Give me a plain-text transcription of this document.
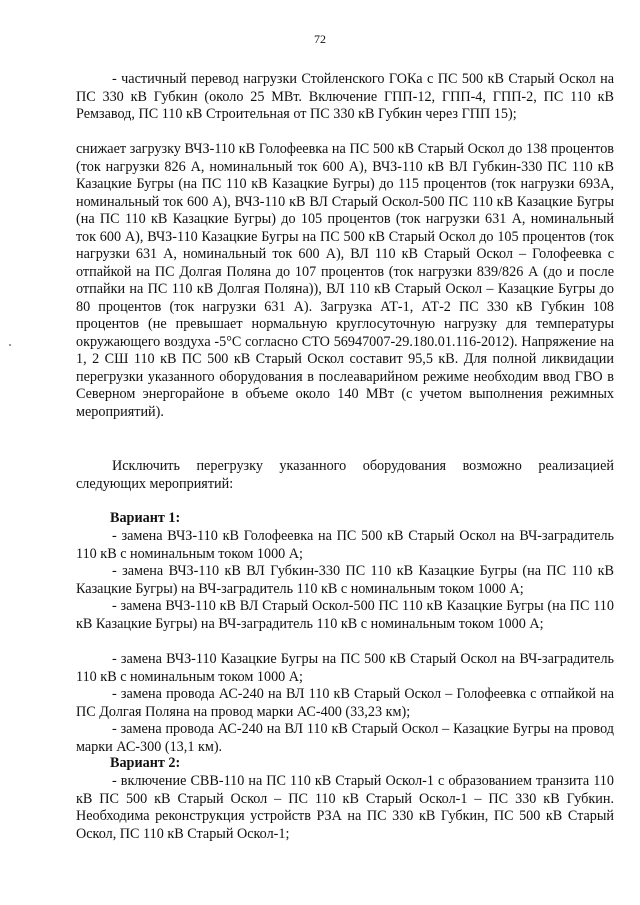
72
- частичный перевод нагрузки Стойленского ГОКа с ПС 500 кВ Старый Оскол на ПС 330 кВ Губкин (около 25 МВт. Включение ГПП-12, ГПП-4, ГПП-2, ПС 110 кВ Ремзавод, ПС 110 кВ Строительная от ПС 330 кВ Губкин через ГПП 15);
снижает загрузку ВЧЗ-110 кВ Голофеевка на ПС 500 кВ Старый Оскол до 138 процентов (ток нагрузки 826 А, номинальный ток 600 А), ВЧЗ-110 кВ ВЛ Губкин-330 ПС 110 кВ Казацкие Бугры (на ПС 110 кВ Казацкие Бугры) до 115 процентов (ток нагрузки 693А, номинальный ток 600 А), ВЧЗ-110 кВ ВЛ Старый Оскол-500 ПС 110 кВ Казацкие Бугры (на ПС 110 кВ Казацкие Бугры) до 105 процентов (ток нагрузки 631 А, номинальный ток 600 А), ВЧЗ-110 Казацкие Бугры на ПС 500 кВ Старый Оскол до 105 процентов (ток нагрузки 631 А, номинальный ток 600 А), ВЛ 110 кВ Старый Оскол – Голофеевка с отпайкой на ПС Долгая Поляна до 107 процентов (ток нагрузки 839/826 А (до и после отпайки на ПС 110 кВ Долгая Поляна)), ВЛ 110 кВ Старый Оскол – Казацкие Бугры до 80 процентов (ток нагрузки 631 А). Загрузка АТ-1, АТ-2 ПС 330 кВ Губкин 108 процентов (не превышает нормальную круглосуточную нагрузку для температуры окружающего воздуха -5°С согласно СТО 56947007-29.180.01.116-2012). Напряжение на 1, 2 СШ 110 кВ ПС 500 кВ Старый Оскол составит 95,5 кВ. Для полной ликвидации перегрузки указанного оборудования в послеаварийном режиме необходим ввод ГВО в Северном энергорайоне в объеме около 140 МВт (с учетом выполнения режимных мероприятий).
Исключить перегрузку указанного оборудования возможно реализацией следующих мероприятий:
Вариант 1:
- замена ВЧЗ-110 кВ Голофеевка на ПС 500 кВ Старый Оскол на ВЧ-заградитель 110 кВ с номинальным током 1000 А;
- замена ВЧЗ-110 кВ ВЛ Губкин-330 ПС 110 кВ Казацкие Бугры (на ПС 110 кВ Казацкие Бугры) на ВЧ-заградитель 110 кВ с номинальным током 1000 А;
- замена ВЧЗ-110 кВ ВЛ Старый Оскол-500 ПС 110 кВ Казацкие Бугры (на ПС 110 кВ Казацкие Бугры) на ВЧ-заградитель 110 кВ с номинальным током 1000 А;
- замена ВЧЗ-110 Казацкие Бугры на ПС 500 кВ Старый Оскол на ВЧ-заградитель 110 кВ с номинальным током 1000 А;
- замена провода АС-240 на ВЛ 110 кВ Старый Оскол – Голофеевка с отпайкой на ПС Долгая Поляна на провод марки АС-400 (33,23 км);
- замена провода АС-240 на ВЛ 110 кВ Старый Оскол – Казацкие Бугры на провод марки АС-300 (13,1 км).
Вариант 2:
- включение СВВ-110 на ПС 110 кВ Старый Оскол-1 с образованием транзита 110 кВ ПС 500 кВ Старый Оскол – ПС 110 кВ Старый Оскол-1 – ПС 330 кВ Губкин. Необходима реконструкция устройств РЗА на ПС 330 кВ Губкин, ПС 500 кВ Старый Оскол, ПС 110 кВ Старый Оскол-1;
